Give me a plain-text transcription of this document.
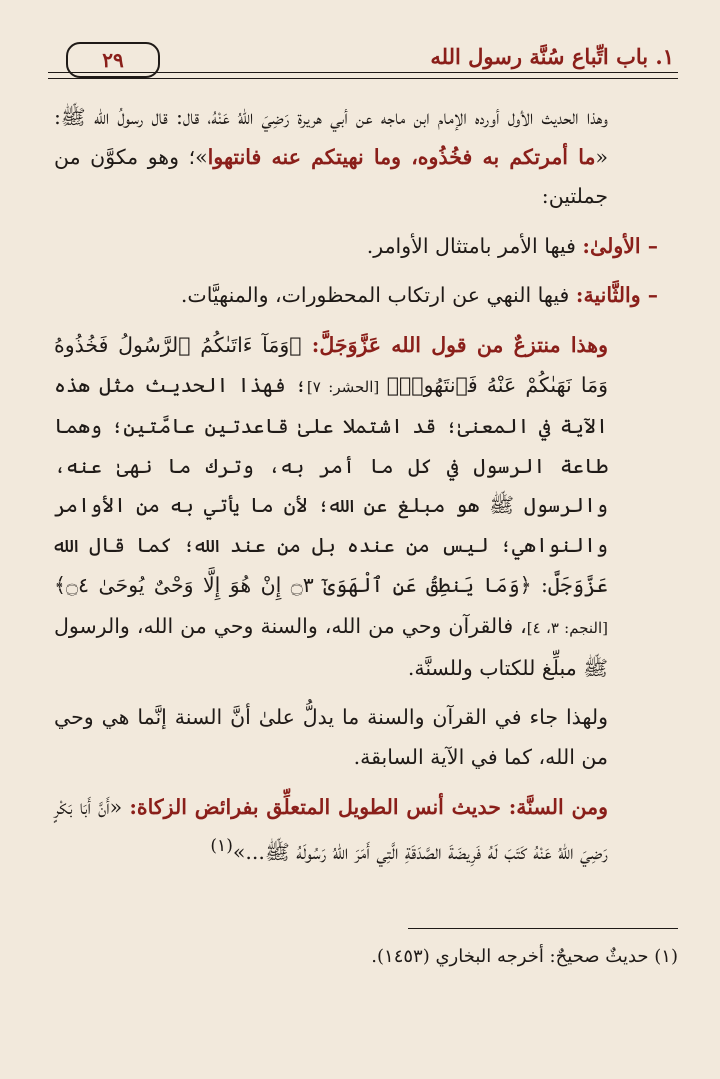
٢٩	١. باب اتِّباع سُنَّة رسول الله

وهذا الحديث الأول أورده الإمام ابن ماجه عن أبي هريرة رَضِيَ اللهُ عَنْهُ، قال: قال رسولُ الله ﷺ: «ما أمرتكم به فخُذُوه، وما نهيتكم عنه فانتهوا»؛ وهو مكوَّن من جملتين:

– الأولىٰ: فيها الأمر بامتثال الأوامر.

– والثَّانية: فيها النهي عن ارتكاب المحظورات، والمنهيَّات.

وهذا منتزعٌ من قول الله عَزَّوَجَلَّ: ﴿وَمَآ ءَاتَىٰكُمُ ٱلرَّسُولُ فَخُذُوهُ وَمَا نَهَىٰكُمْ عَنْهُ فَٱنتَهُوا۟﴾ [الحشر: ٧]؛ فهذا الحديث مثل هذه الآية في المعنىٰ؛ قد اشتملا علىٰ قاعدتين عامَّتين؛ وهما طاعة الرسول في كل ما أمر به، وترك ما نهىٰ عنه، والرسول ﷺ هو مبلغ عن الله؛ لأن ما يأتي به من الأوامر والنواهي؛ ليس من عنده بل من عند الله؛ كما قال الله عَزَّوَجَلَّ: ﴿وَمَا يَنطِقُ عَنِ ٱلْهَوَىٰٓ ۝٣ إِنْ هُوَ إِلَّا وَحْىٌ يُوحَىٰ ۝٤﴾ [النجم: ٣، ٤]، فالقرآن وحي من الله، والسنة وحي من الله، والرسول ﷺ مبلِّغ للكتاب وللسنَّة.

ولهذا جاء في القرآن والسنة ما يدلُّ علىٰ أنَّ السنة إنَّما هي وحي من الله، كما في الآية السابقة.

ومن السنَّة: حديث أنس الطويل المتعلِّق بفرائض الزكاة: «أَنَّ أَبَا بَكْرٍ رَضِيَ اللهُ عَنْهُ كَتَبَ لَهُ فَرِيضَةَ الصَّدَقَةِ الَّتِي أَمَرَ اللهُ رَسُولَهُ ﷺ...»$^{(١)}$

(١) حديثٌ صحيحٌ: أخرجه البخاري (١٤٥٣).
